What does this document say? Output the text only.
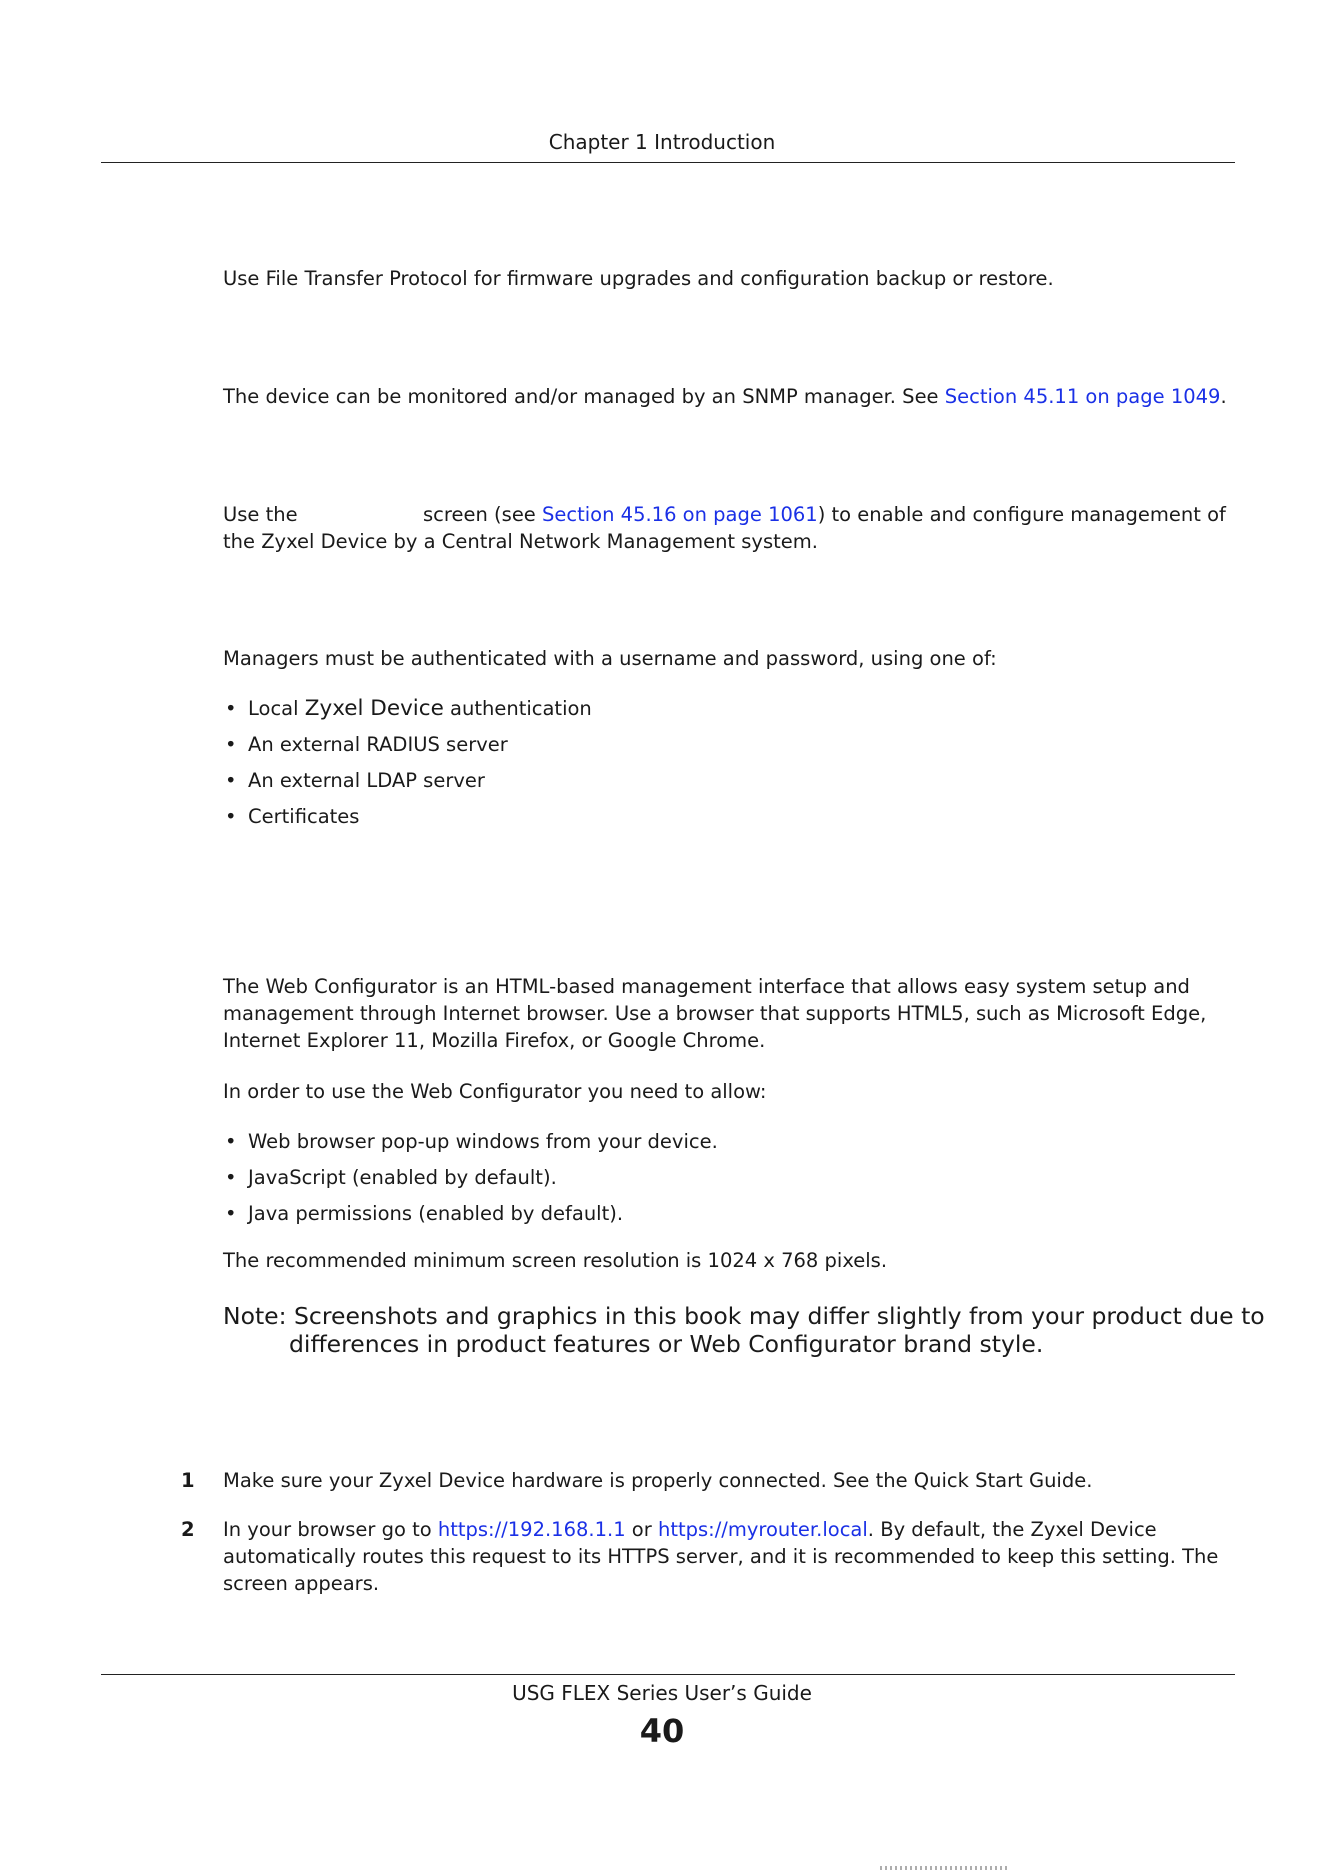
Chapter 1 Introduction
Use File Transfer Protocol for firmware upgrades and configuration backup or restore.
The device can be monitored and/or managed by an SNMP manager. See Section 45.11 on page 1049.
Use the	screen (see Section 45.16 on page 1061) to enable and configure management of
the Zyxel Device by a Central Network Management system.
Managers must be authenticated with a username and password, using one of:
• Local Zyxel Device authentication
• An external RADIUS server
• An external LDAP server
• Certificates
The Web Configurator is an HTML-based management interface that allows easy system setup and
management through Internet browser. Use a browser that supports HTML5, such as Microsoft Edge,
Internet Explorer 11, Mozilla Firefox, or Google Chrome.
In order to use the Web Configurator you need to allow:
• Web browser pop-up windows from your device.
• JavaScript (enabled by default).
• Java permissions (enabled by default).
The recommended minimum screen resolution is 1024 x 768 pixels.
Note: Screenshots and graphics in this book may differ slightly from your product due to
differences in product features or Web Configurator brand style.
1 Make sure your Zyxel Device hardware is properly connected. See the Quick Start Guide.
2 In your browser go to https://192.168.1.1 or https://myrouter.local. By default, the Zyxel Device
automatically routes this request to its HTTPS server, and it is recommended to keep this setting. The
screen appears.
USG FLEX Series User’s Guide
40
